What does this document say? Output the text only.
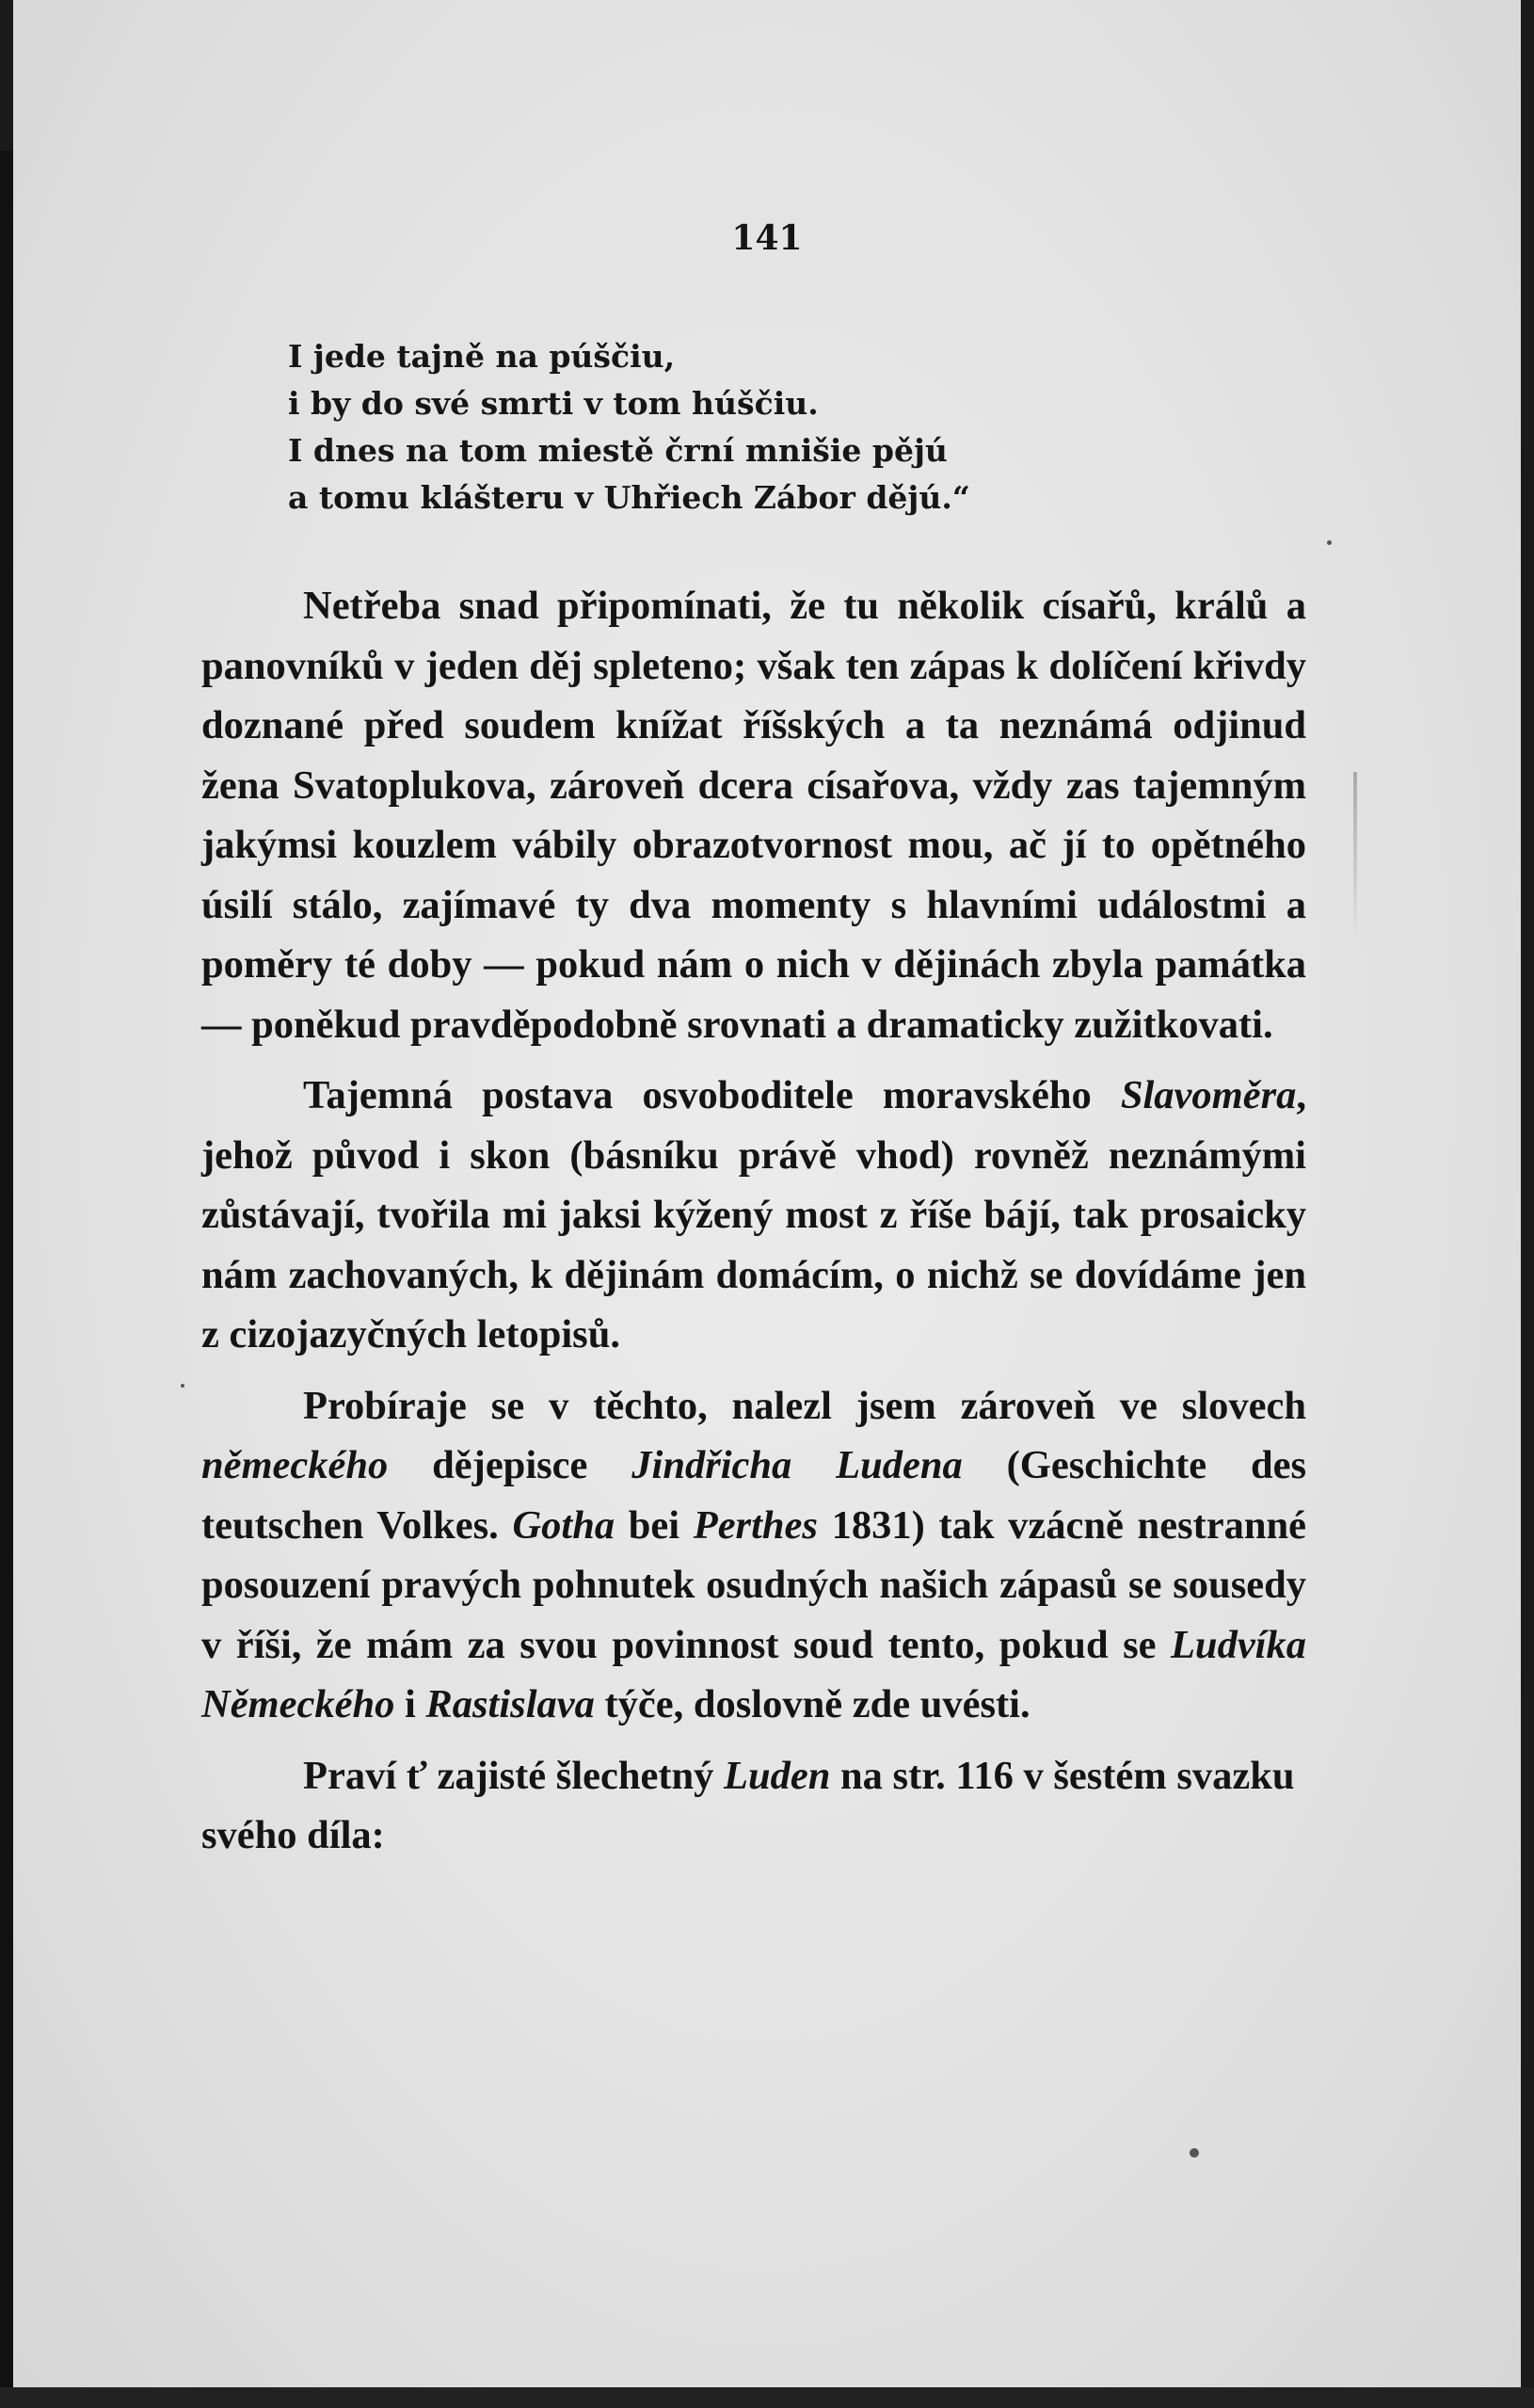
141
I jede tajně na púščiu,
i by do své smrti v tom húščiu.
I dnes na tom miestě črní mnišie pějú
a tomu klášteru v Uhřiech Zábor dějú.“

Netřeba snad připomínati, že tu několik císařů, králů a panovníků v jeden děj spleteno; však ten zápas k dolíčení křivdy doznané před soudem knížat říšských a ta neznámá odjinud žena Svatoplukova, zároveň dcera císařova, vždy zas tajemným jakýmsi kouzlem vábily obrazotvornost mou, ač jí to opětného úsilí stálo, zajímavé ty dva momenty s hlavními událostmi a poměry té doby — pokud nám o nich v dějinách zbyla památka — poněkud pravděpodobně srovnati a dramaticky zužitkovati.

Tajemná postava osvoboditele moravského Slavoměra, jehož původ i skon (básníku právě vhod) rovněž neznámými zůstávají, tvořila mi jaksi kýžený most z říše bájí, tak prosaicky nám zachovaných, k dějinám domácím, o nichž se dovídáme jen z cizojazyčných letopisů.

Probíraje se v těchto, nalezl jsem zároveň ve slovech německého dějepisce Jindřicha Ludena (Geschichte des teutschen Volkes. Gotha bei Perthes 1831) tak vzácně nestranné posouzení pravých pohnutek osudných našich zápasů se sousedy v říši, že mám za svou povinnost soud tento, pokud se Ludvíka Německého i Rastislava týče, doslovně zde uvésti.

Praví ť zajisté šlechetný Luden na str. 116 v šestém svazku svého díla:
